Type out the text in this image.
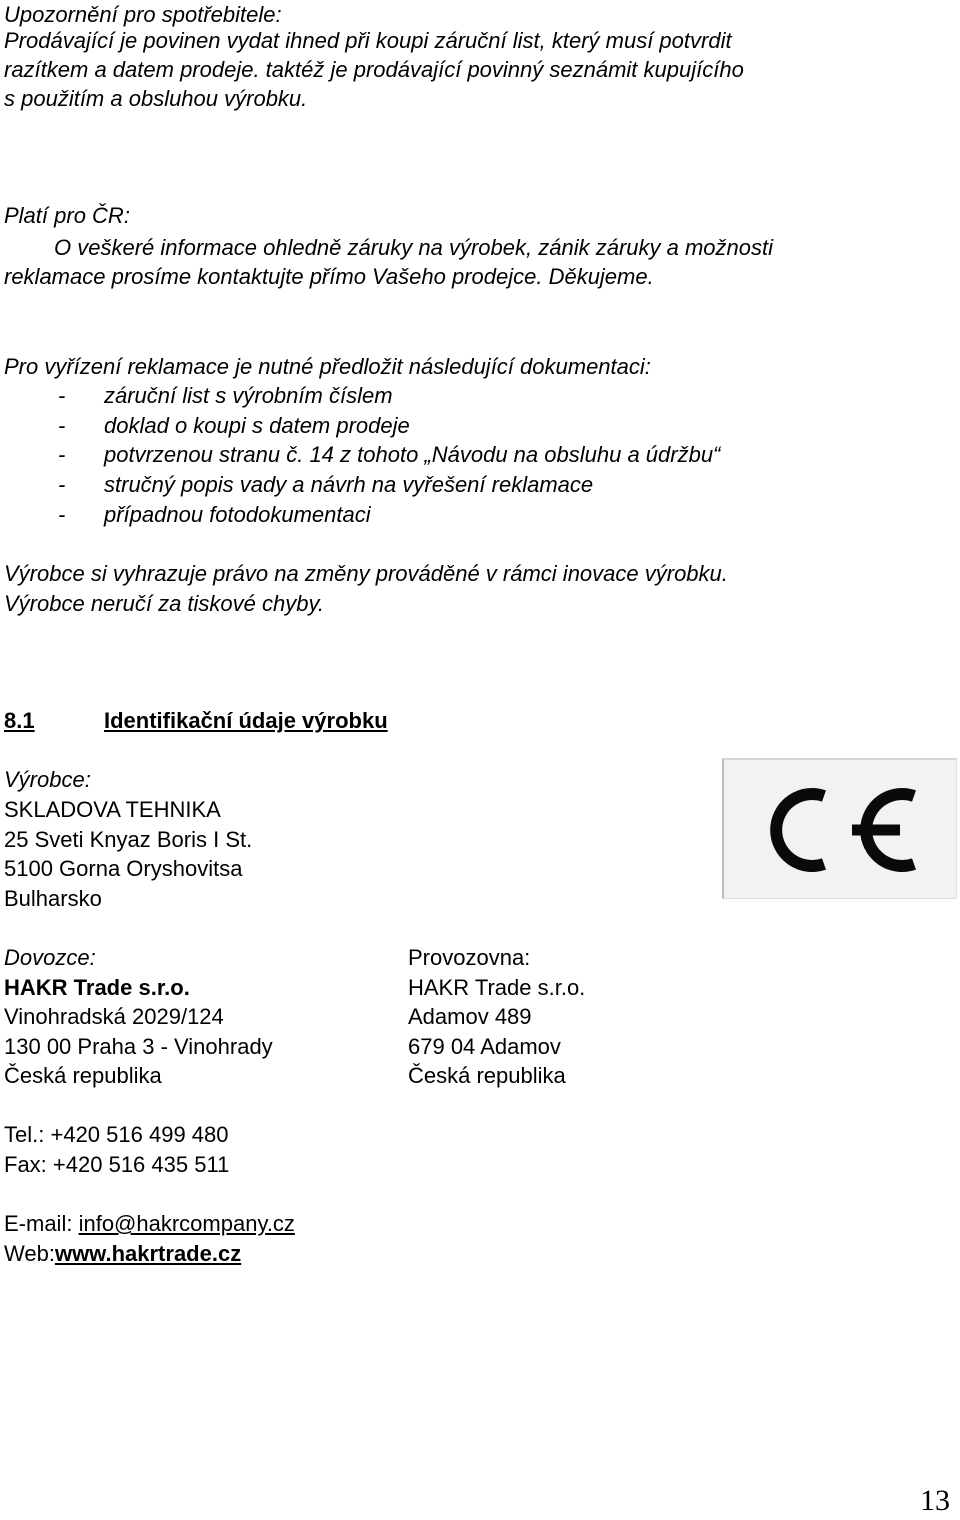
Upozornění pro spotřebitele:
Prodávající je povinen vydat ihned při koupi záruční list, který musí potvrdit
razítkem a datem prodeje. taktéž je prodávající povinný seznámit kupujícího
s použitím a obsluhou výrobku.
Platí pro ČR:
O veškeré informace ohledně záruky na výrobek, zánik záruky a možnosti
reklamace prosíme kontaktujte přímo Vašeho prodejce. Děkujeme.
Pro vyřízení reklamace je nutné předložit následující dokumentaci:
- záruční list s výrobním číslem
- doklad o koupi s datem prodeje
- potvrzenou stranu č. 14 z tohoto „Návodu na obsluhu a údržbu“
- stručný popis vady a návrh na vyřešení reklamace
- případnou fotodokumentaci
Výrobce si vyhrazuje právo na změny prováděné v rámci inovace výrobku.
Výrobce neručí za tiskové chyby.
8.1	Identifikační údaje výrobku
Výrobce:
SKLADOVA TEHNIKA
25 Sveti Knyaz Boris I St.
5100 Gorna Oryshovitsa
Bulharsko
Dovozce:
HAKR Trade s.r.o.
Vinohradská 2029/124
130 00 Praha 3 - Vinohrady
Česká republika
Provozovna:
HAKR Trade s.r.o.
Adamov 489
679 04 Adamov
Česká republika
Tel.: +420 516 499 480
Fax: +420 516 435 511
E-mail: info@hakrcompany.cz
Web:www.hakrtrade.cz
13
